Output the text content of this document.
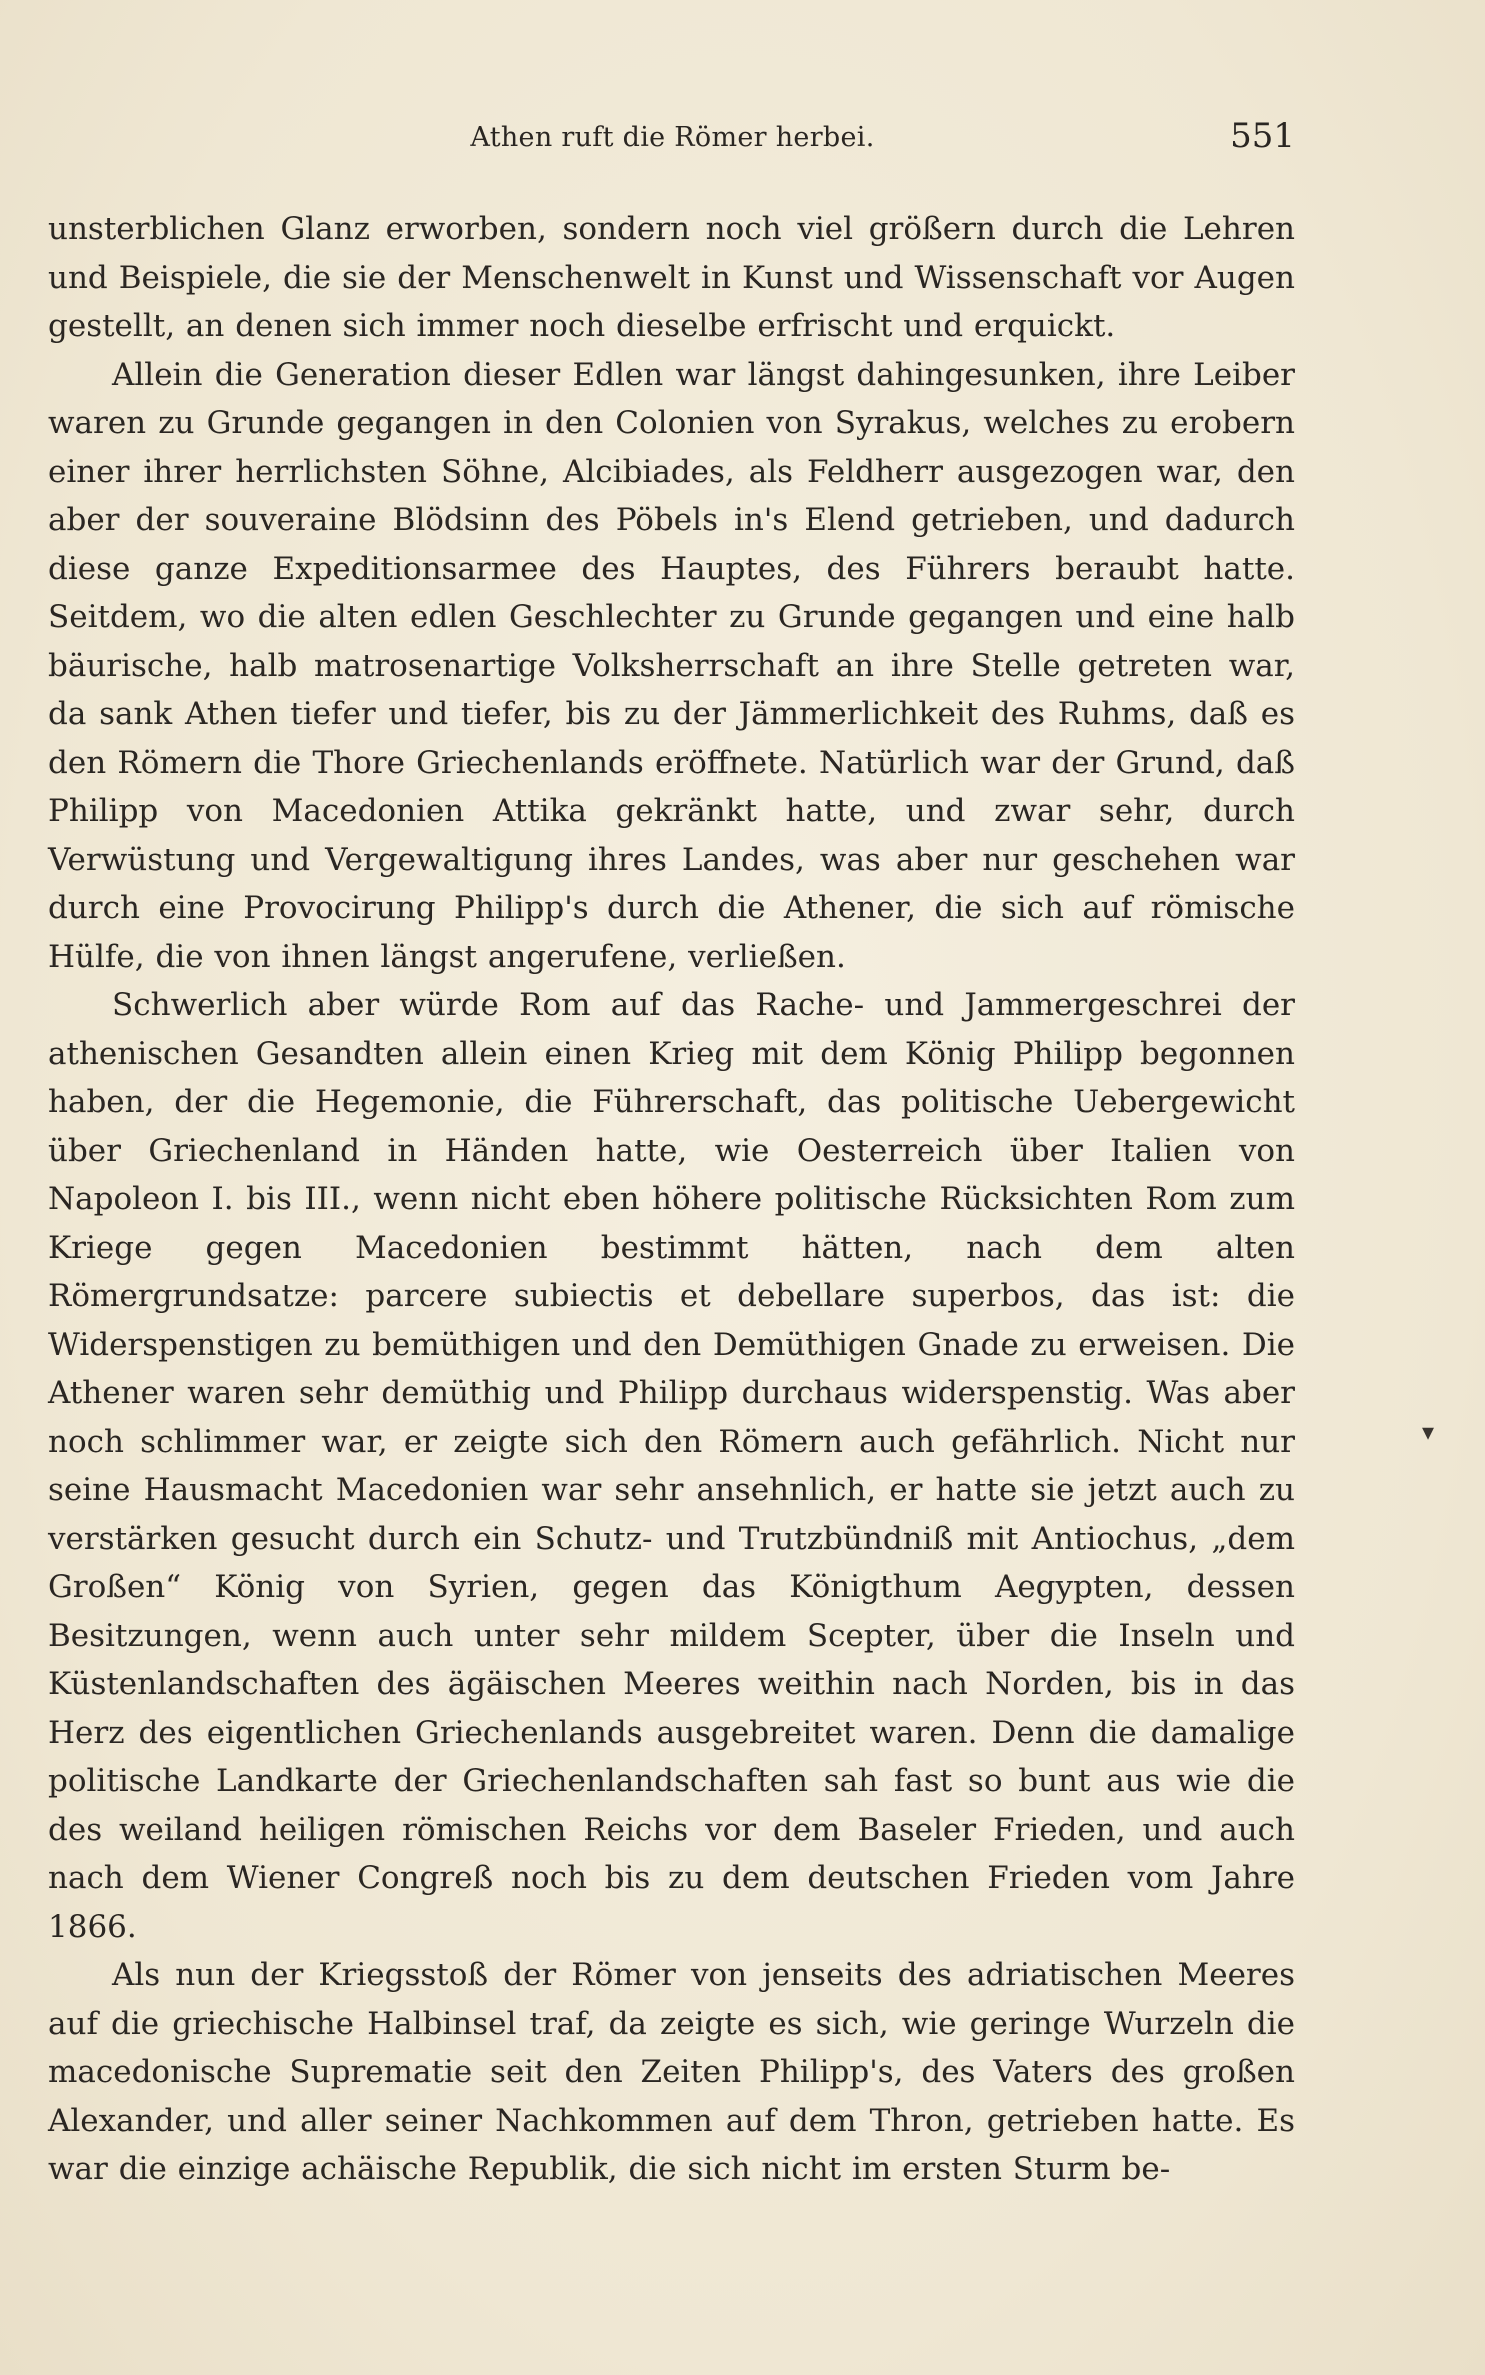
Athen ruft die Römer herbei.	551

unsterblichen Glanz erworben, sondern noch viel größern durch die Lehren und Beispiele, die sie der Menschenwelt in Kunst und Wissenschaft vor Augen gestellt, an denen sich immer noch dieselbe erfrischt und erquickt.

Allein die Generation dieser Edlen war längst dahingesunken, ihre Leiber waren zu Grunde gegangen in den Colonien von Syrakus, welches zu erobern einer ihrer herrlichsten Söhne, Alcibiades, als Feldherr ausgezogen war, den aber der souveraine Blödsinn des Pöbels in's Elend getrieben, und dadurch diese ganze Expeditionsarmee des Hauptes, des Führers beraubt hatte. Seitdem, wo die alten edlen Geschlechter zu Grunde gegangen und eine halb bäurische, halb matrosenartige Volksherrschaft an ihre Stelle getreten war, da sank Athen tiefer und tiefer, bis zu der Jämmerlichkeit des Ruhms, daß es den Römern die Thore Griechenlands eröffnete. Natürlich war der Grund, daß Philipp von Macedonien Attika gekränkt hatte, und zwar sehr, durch Verwüstung und Vergewaltigung ihres Landes, was aber nur geschehen war durch eine Provocirung Philipp's durch die Athener, die sich auf römische Hülfe, die von ihnen längst angerufene, verließen.

Schwerlich aber würde Rom auf das Rache- und Jammergeschrei der athenischen Gesandten allein einen Krieg mit dem König Philipp begonnen haben, der die Hegemonie, die Führerschaft, das politische Uebergewicht über Griechenland in Händen hatte, wie Oesterreich über Italien von Napoleon I. bis III., wenn nicht eben höhere politische Rücksichten Rom zum Kriege gegen Macedonien bestimmt hätten, nach dem alten Römergrundsatze: parcere subiectis et debellare superbos, das ist: die Widerspenstigen zu bemüthigen und den Demüthigen Gnade zu erweisen. Die Athener waren sehr demüthig und Philipp durchaus widerspenstig. Was aber noch schlimmer war, er zeigte sich den Römern auch gefährlich. Nicht nur seine Hausmacht Macedonien war sehr ansehnlich, er hatte sie jetzt auch zu verstärken gesucht durch ein Schutz- und Trutzbündniß mit Antiochus, „dem Großen“ König von Syrien, gegen das Königthum Aegypten, dessen Besitzungen, wenn auch unter sehr mildem Scepter, über die Inseln und Küstenlandschaften des ägäischen Meeres weithin nach Norden, bis in das Herz des eigentlichen Griechenlands ausgebreitet waren. Denn die damalige politische Landkarte der Griechenlandschaften sah fast so bunt aus wie die des weiland heiligen römischen Reichs vor dem Baseler Frieden, und auch nach dem Wiener Congreß noch bis zu dem deutschen Frieden vom Jahre 1866.

Als nun der Kriegsstoß der Römer von jenseits des adriatischen Meeres auf die griechische Halbinsel traf, da zeigte es sich, wie geringe Wurzeln die macedonische Suprematie seit den Zeiten Philipp's, des Vaters des großen Alexander, und aller seiner Nachkommen auf dem Thron, getrieben hatte. Es war die einzige achäische Republik, die sich nicht im ersten Sturm be-

▾
